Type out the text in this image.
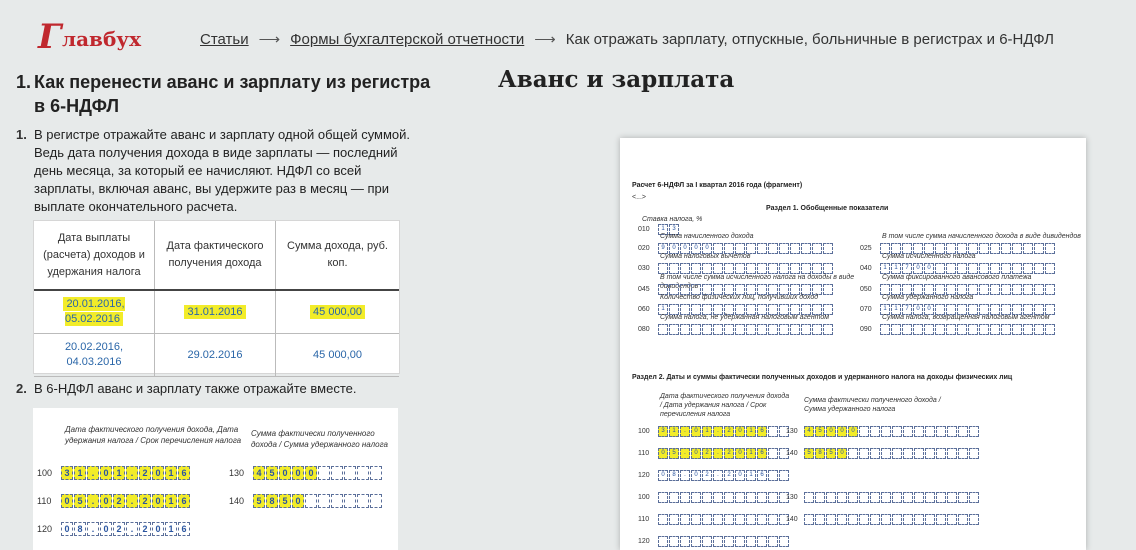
Г лавбух	Статьи ⟶ Формы бухгалтерской отчетности ⟶ Как отражать зарплату, отпускные, больничные в регистрах и 6-НДФЛ
1. Как перенести аванс и зарплату из регистра в 6-НДФЛ
1. В регистре отражайте аванс и зарплату одной общей суммой. Ведь дата получения дохода в виде зарплаты — последний день месяца, за который ее начисляют. НДФЛ со всей зарплаты, включая аванс, вы удержите раз в месяц — при выплате окончательного расчета.
2. В 6-НДФЛ аванс и зарплату также отражайте вместе.
Дата выплаты (расчета) доходов и удержания налога	Дата фактического получения дохода	Сумма дохода, руб. коп.
20.01.2016,
05.02.2016	31.01.2016	45 000,00
20.02.2016,
04.03.2016	29.02.2016	45 000,00
Дата фактического получения дохода, Дата удержания налога / Срок перечисления налога
Сумма фактически полученного дохода / Сумма удержанного налога
100	3 1	.	0 1	.	2 0 1 6	130	4 5 0 0 0
110	0 5	.	0 2	.	2 0 1 6	140	5 8 5 0
120	0 8	.	0 2	.	2 0 1 6
Аванс и зарплата
Расчет 6-НДФЛ за I квартал 2016 года (фрагмент)
<...>
Раздел 1. Обобщенные показатели
Ставка налога, %
010	1	3
Сумма начисленного дохода
020	9	0	0	0	0
В том числе сумма начисленного дохода в виде дивидендов
025
Сумма налоговых вычетов
030
Сумма исчисленного налога
040	1	1	7	0	0
В том числе сумма исчисленного налога на доходы в виде дивидендов
045
Сумма фиксированного авансового платежа
050
Количество физических лиц, получивших доход
060	1
Сумма удержанного налога
070	1	1	7	0	0
Сумма налога, не удержанная налоговым агентом
080
Сумма налога, возвращенная налоговым агентом
090
Раздел 2. Даты и суммы фактически полученных доходов и удержанного налога на доходы физических лиц
Дата фактического получения дохода / Дата удержания налога / Срок перечисления налога
Сумма фактически полученного дохода / Сумма удержанного налога
100	3	1	.	0	1	.	2	0	1	6	130	4	5	0	0	0
110	0	5	.	0	2	.	2	0	1	6	140	5	8	5	0
120	0	8	.	0	2	.	2	0	1	6
100	130
110	140
120
